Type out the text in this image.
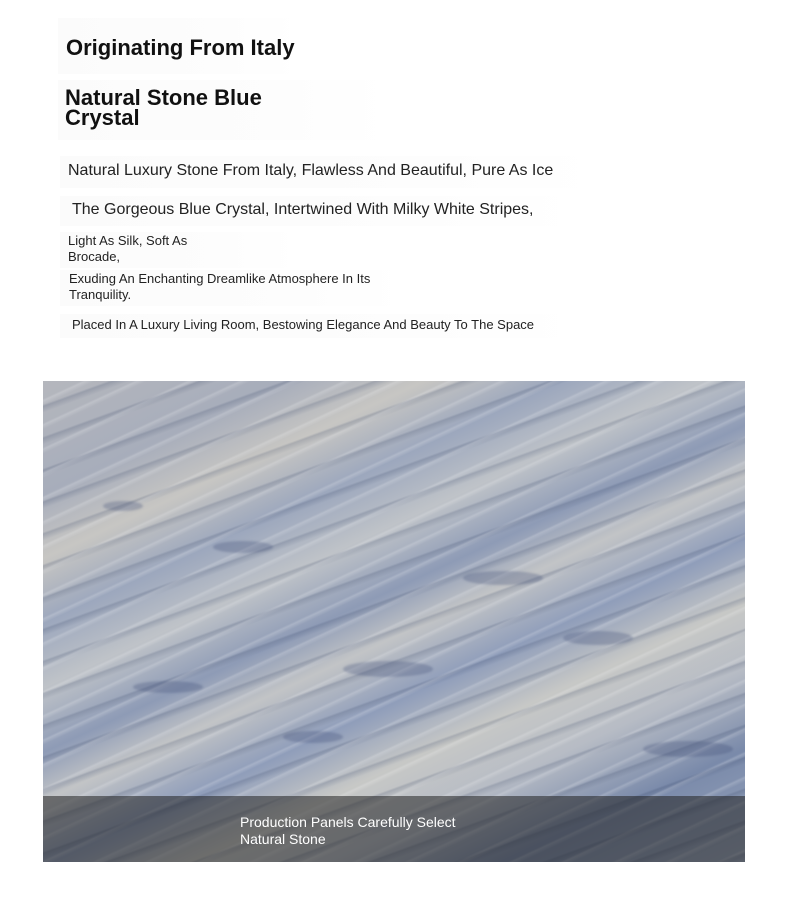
Originating From Italy
Natural Stone Blue Crystal
Natural Luxury Stone From Italy, Flawless And Beautiful, Pure As Ice
The Gorgeous Blue Crystal, Intertwined With Milky White Stripes,
Light As Silk, Soft As Brocade,
Exuding An Enchanting Dreamlike Atmosphere In Its Tranquility.
Placed In A Luxury Living Room, Bestowing Elegance And Beauty To The Space
Production Panels Carefully Select Natural Stone
